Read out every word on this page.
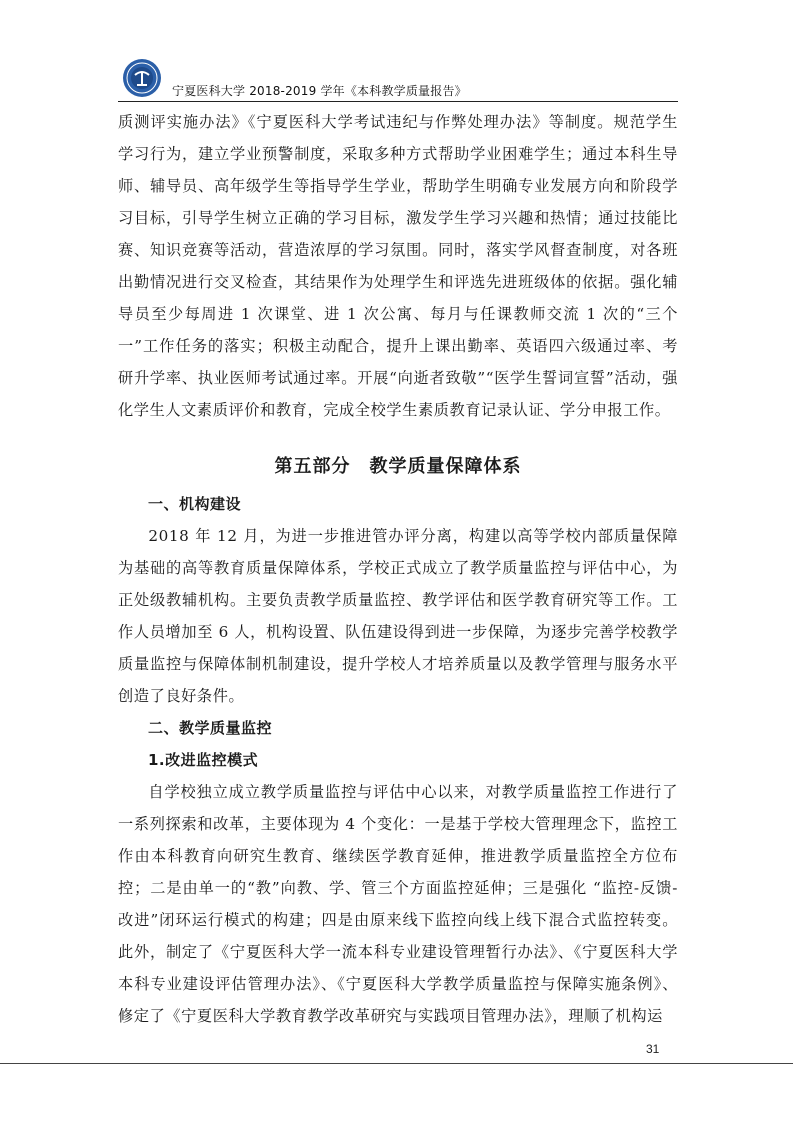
宁夏医科大学 2018-2019 学年《本科教学质量报告》

质测评实施办法》《宁夏医科大学考试违纪与作弊处理办法》等制度。规范学生学习行为，建立学业预警制度，采取多种方式帮助学业困难学生；通过本科生导师、辅导员、高年级学生等指导学生学业，帮助学生明确专业发展方向和阶段学习目标，引导学生树立正确的学习目标，激发学生学习兴趣和热情；通过技能比赛、知识竞赛等活动，营造浓厚的学习氛围。同时，落实学风督查制度，对各班出勤情况进行交叉检查，其结果作为处理学生和评选先进班级体的依据。强化辅导员至少每周进 1 次课堂、进 1 次公寓、每月与任课教师交流 1 次的“三个一”工作任务的落实；积极主动配合，提升上课出勤率、英语四六级通过率、考研升学率、执业医师考试通过率。开展“向逝者致敬”“医学生誓词宣誓”活动，强化学生人文素质评价和教育，完成全校学生素质教育记录认证、学分申报工作。

第五部分　教学质量保障体系

一、机构建设

2018 年 12 月，为进一步推进管办评分离，构建以高等学校内部质量保障为基础的高等教育质量保障体系，学校正式成立了教学质量监控与评估中心，为正处级教辅机构。主要负责教学质量监控、教学评估和医学教育研究等工作。工作人员增加至 6 人，机构设置、队伍建设得到进一步保障，为逐步完善学校教学质量监控与保障体制机制建设，提升学校人才培养质量以及教学管理与服务水平创造了良好条件。

二、教学质量监控

1.改进监控模式

自学校独立成立教学质量监控与评估中心以来，对教学质量监控工作进行了一系列探索和改革，主要体现为 4 个变化：一是基于学校大管理理念下，监控工作由本科教育向研究生教育、继续医学教育延伸，推进教学质量监控全方位布控；二是由单一的“教”向教、学、管三个方面监控延伸；三是强化 “监控-反馈-改进”闭环运行模式的构建；四是由原来线下监控向线上线下混合式监控转变。此外，制定了《宁夏医科大学一流本科专业建设管理暂行办法》、《宁夏医科大学本科专业建设评估管理办法》、《宁夏医科大学教学质量监控与保障实施条例》、修定了《宁夏医科大学教育教学改革研究与实践项目管理办法》，理顺了机构运

31
